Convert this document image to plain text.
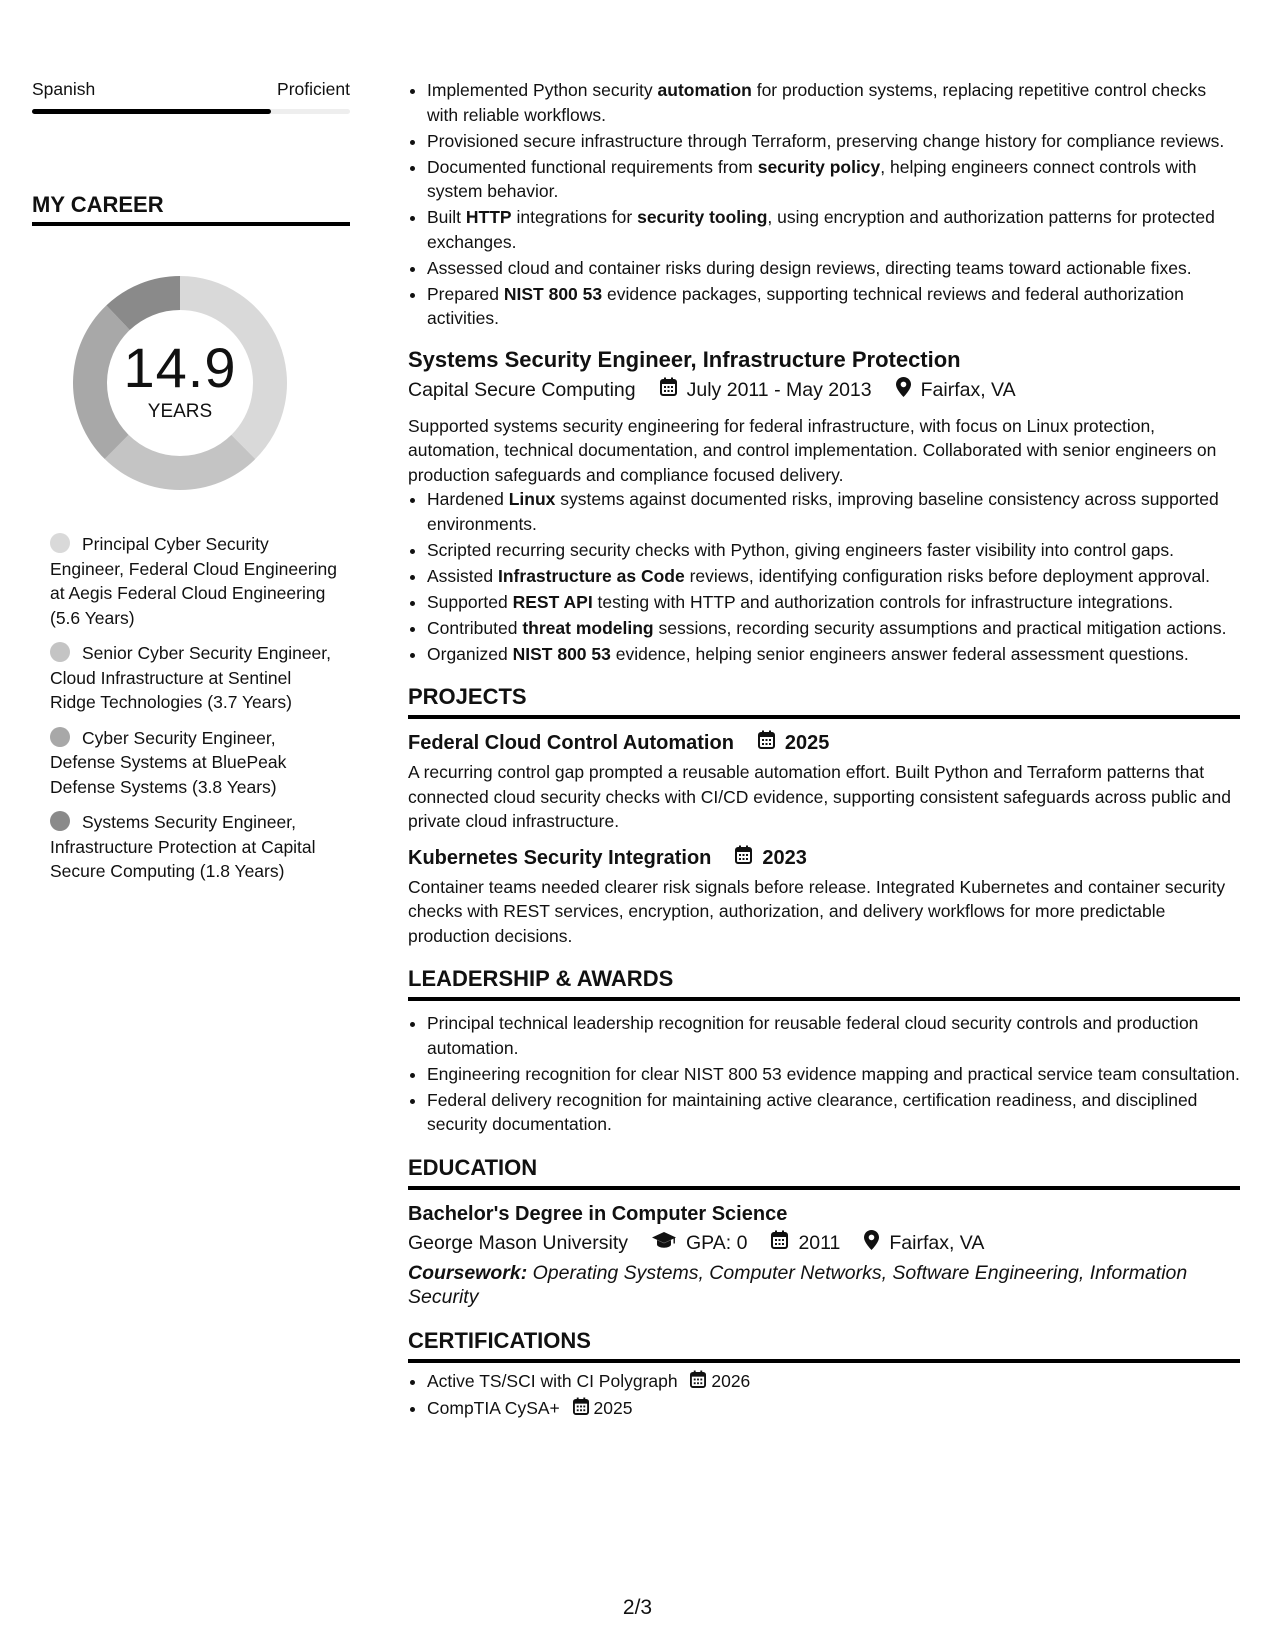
Spanish	Proficient
MY CAREER
14.9
YEARS
Principal Cyber Security Engineer, Federal Cloud Engineering at Aegis Federal Cloud Engineering (5.6 Years)
Senior Cyber Security Engineer, Cloud Infrastructure at Sentinel Ridge Technologies (3.7 Years)
Cyber Security Engineer, Defense Systems at BluePeak Defense Systems (3.8 Years)
Systems Security Engineer, Infrastructure Protection at Capital Secure Computing (1.8 Years)
• Implemented Python security automation for production systems, replacing repetitive control checks with reliable workflows.
• Provisioned secure infrastructure through Terraform, preserving change history for compliance reviews.
• Documented functional requirements from security policy, helping engineers connect controls with system behavior.
• Built HTTP integrations for security tooling, using encryption and authorization patterns for protected exchanges.
• Assessed cloud and container risks during design reviews, directing teams toward actionable fixes.
• Prepared NIST 800 53 evidence packages, supporting technical reviews and federal authorization activities.
Systems Security Engineer, Infrastructure Protection
Capital Secure Computing	July 2011 - May 2013	Fairfax, VA
Supported systems security engineering for federal infrastructure, with focus on Linux protection, automation, technical documentation, and control implementation. Collaborated with senior engineers on production safeguards and compliance focused delivery.
• Hardened Linux systems against documented risks, improving baseline consistency across supported environments.
• Scripted recurring security checks with Python, giving engineers faster visibility into control gaps.
• Assisted Infrastructure as Code reviews, identifying configuration risks before deployment approval.
• Supported REST API testing with HTTP and authorization controls for infrastructure integrations.
• Contributed threat modeling sessions, recording security assumptions and practical mitigation actions.
• Organized NIST 800 53 evidence, helping senior engineers answer federal assessment questions.
PROJECTS
Federal Cloud Control Automation	2025
A recurring control gap prompted a reusable automation effort. Built Python and Terraform patterns that connected cloud security checks with CI/CD evidence, supporting consistent safeguards across public and private cloud infrastructure.
Kubernetes Security Integration	2023
Container teams needed clearer risk signals before release. Integrated Kubernetes and container security checks with REST services, encryption, authorization, and delivery workflows for more predictable production decisions.
LEADERSHIP & AWARDS
• Principal technical leadership recognition for reusable federal cloud security controls and production automation.
• Engineering recognition for clear NIST 800 53 evidence mapping and practical service team consultation.
• Federal delivery recognition for maintaining active clearance, certification readiness, and disciplined security documentation.
EDUCATION
Bachelor's Degree in Computer Science
George Mason University	GPA: 0	2011	Fairfax, VA
Coursework: Operating Systems, Computer Networks, Software Engineering, Information Security
CERTIFICATIONS
• Active TS/SCI with CI Polygraph 2026
• CompTIA CySA+ 2025
2/3
